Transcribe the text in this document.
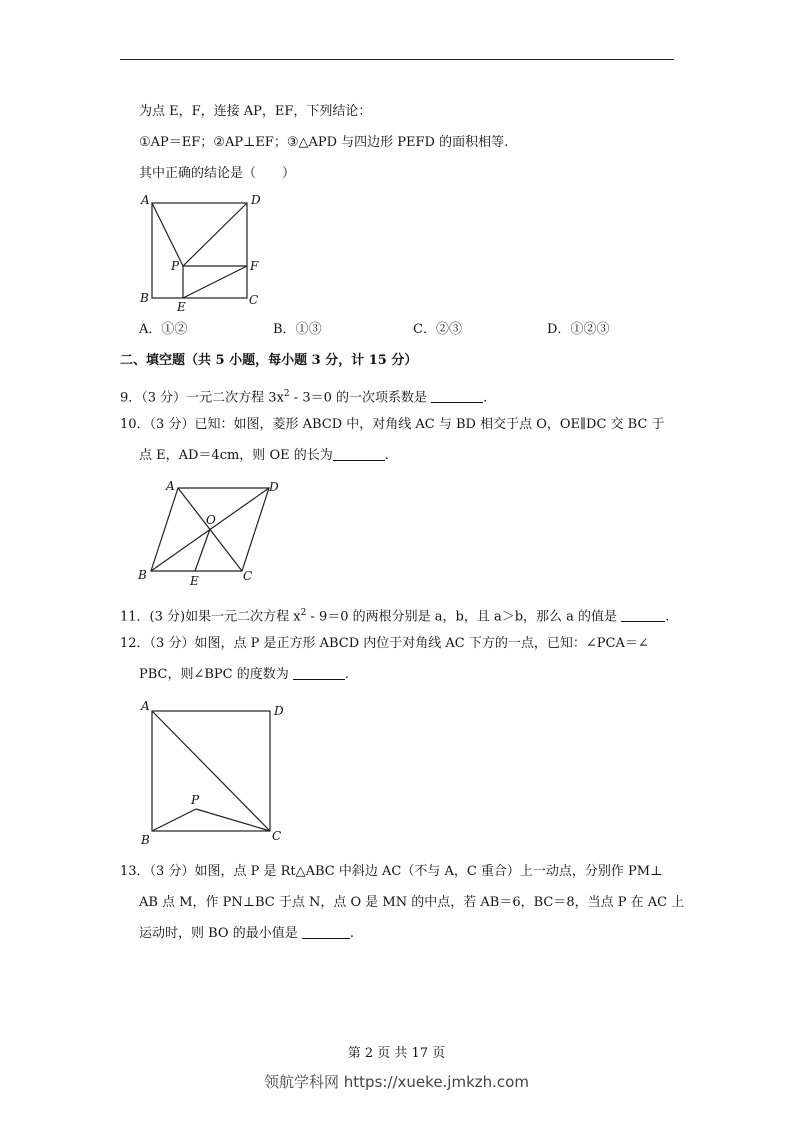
为点 E，F，连接 AP，EF，下列结论：
①AP＝EF；②AP⊥EF；③△APD 与四边形 PEFD 的面积相等.
其中正确的结论是（　　）
A	D
P	F
B
E	C
A．①②	B．①③	C．②③	D．①②③
二、填空题（共 5 小题，每小题 3 分，计 15 分）
9．（3 分）一元二次方程 $3x^2 - 3=0$ 的一次项系数是	.
10．（3 分）已知：如图，菱形 ABCD 中，对角线 AC 与 BD 相交于点 O，OE∥DC 交 BC 于
点 E，AD＝4cm，则 OE 的长为	.
A	D
O
B	E	C
11．(3 分)如果一元二次方程 $x^2 - 9=0$ 的两根分别是 a，b，且 a＞b，那么 a 的值是	.
12．（3 分）如图，点 P 是正方形 ABCD 内位于对角线 AC 下方的一点，已知：∠PCA＝∠
PBC，则∠BPC 的度数为	.
A	D
P
B	C
13．（3 分）如图，点 P 是 Rt△ABC 中斜边 AC（不与 A，C 重合）上一动点，分别作 PM⊥
AB 点 M，作 PN⊥BC 于点 N，点 O 是 MN 的中点，若 AB＝6，BC＝8，当点 P 在 AC 上
运动时，则 BO 的最小值是	.
第 2 页 共 17 页
领航学科网 https://xueke.jmkzh.com
